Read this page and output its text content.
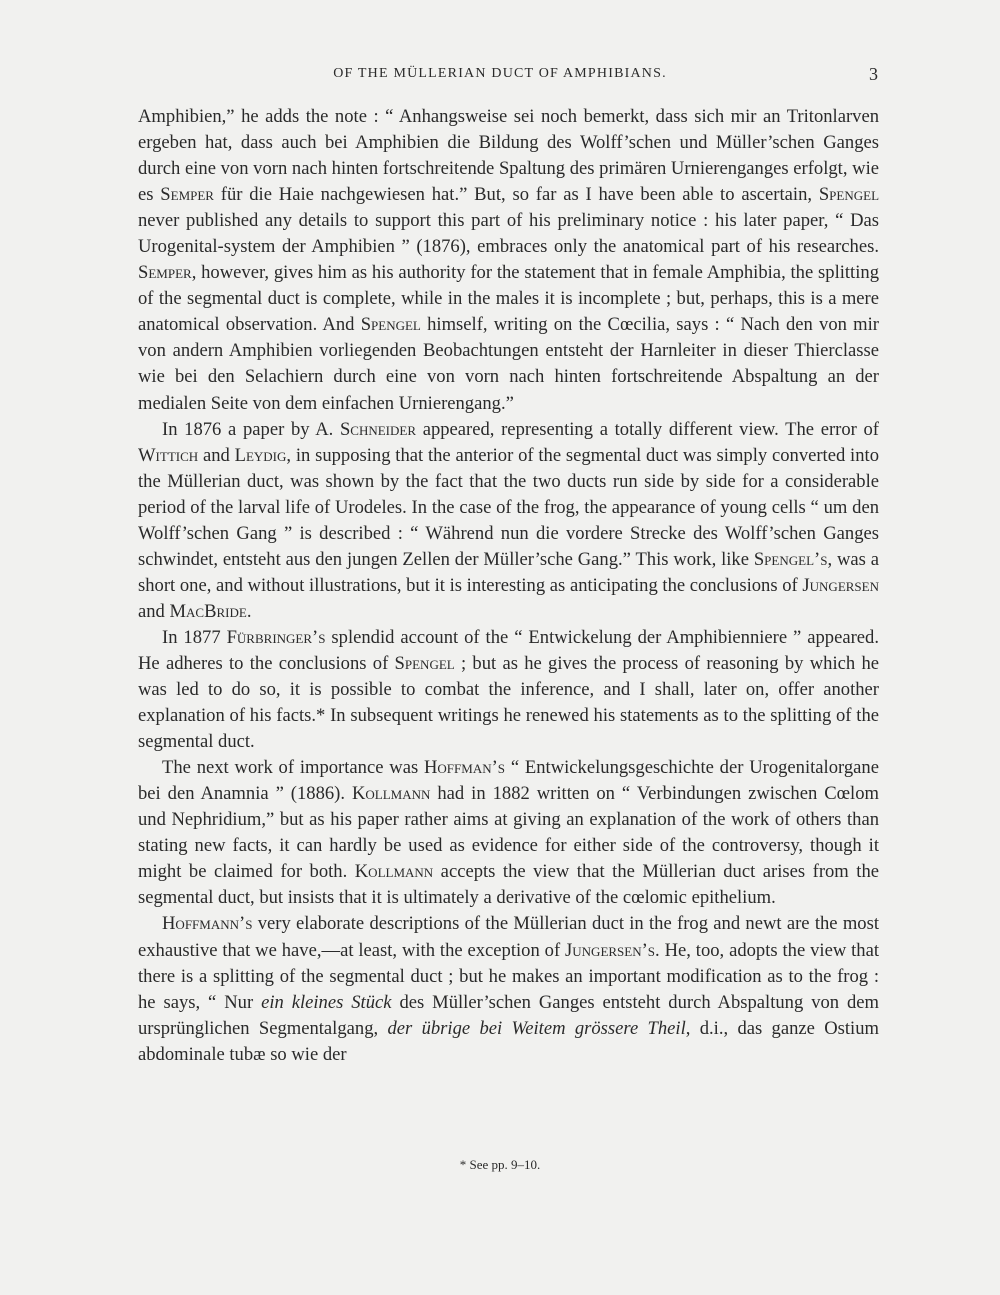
OF THE MÜLLERIAN DUCT OF AMPHIBIANS.	3

Amphibien,” he adds the note : “ Anhangsweise sei noch bemerkt, dass sich mir an Tritonlarven ergeben hat, dass auch bei Amphibien die Bildung des Wolff’schen und Müller’schen Ganges durch eine von vorn nach hinten fortschreitende Spaltung des primären Urnierenganges erfolgt, wie es Semper für die Haie nachgewiesen hat.” But, so far as I have been able to ascertain, Spengel never published any details to support this part of his preliminary notice : his later paper, “ Das Urogenital-system der Amphibien ” (1876), embraces only the anatomical part of his researches. Semper, however, gives him as his authority for the statement that in female Amphibia, the splitting of the segmental duct is complete, while in the males it is incomplete ; but, perhaps, this is a mere anatomical observation. And Spengel himself, writing on the Cœcilia, says : “ Nach den von mir von andern Amphibien vorliegenden Beobachtungen entsteht der Harnleiter in dieser Thierclasse wie bei den Selachiern durch eine von vorn nach hinten fortschreitende Abspaltung an der medialen Seite von dem einfachen Urnierengang.”

In 1876 a paper by A. Schneider appeared, representing a totally different view. The error of Wittich and Leydig, in supposing that the anterior of the segmental duct was simply converted into the Müllerian duct, was shown by the fact that the two ducts run side by side for a considerable period of the larval life of Urodeles. In the case of the frog, the appearance of young cells “ um den Wolff’schen Gang ” is described : “ Während nun die vordere Strecke des Wolff’schen Ganges schwindet, entsteht aus den jungen Zellen der Müller’sche Gang.” This work, like Spengel’s, was a short one, and without illustrations, but it is interesting as anticipating the conclusions of Jungersen and MacBride.

In 1877 Fürbringer’s splendid account of the “ Entwickelung der Amphibienniere ” appeared. He adheres to the conclusions of Spengel ; but as he gives the process of reasoning by which he was led to do so, it is possible to combat the inference, and I shall, later on, offer another explanation of his facts.* In subsequent writings he renewed his statements as to the splitting of the segmental duct.

The next work of importance was Hoffman’s “ Entwickelungsgeschichte der Urogenitalorgane bei den Anamnia ” (1886). Kollmann had in 1882 written on “ Verbindungen zwischen Cœlom und Nephridium,” but as his paper rather aims at giving an explanation of the work of others than stating new facts, it can hardly be used as evidence for either side of the controversy, though it might be claimed for both. Kollmann accepts the view that the Müllerian duct arises from the segmental duct, but insists that it is ultimately a derivative of the cœlomic epithelium.

Hoffmann’s very elaborate descriptions of the Müllerian duct in the frog and newt are the most exhaustive that we have,—at least, with the exception of Jungersen’s. He, too, adopts the view that there is a splitting of the segmental duct ; but he makes an important modification as to the frog : he says, “ Nur ein kleines Stück des Müller’schen Ganges entsteht durch Abspaltung von dem ursprünglichen Segmentalgang, der übrige bei Weitem grössere Theil, d.i., das ganze Ostium abdominale tubæ so wie der

* See pp. 9–10.
